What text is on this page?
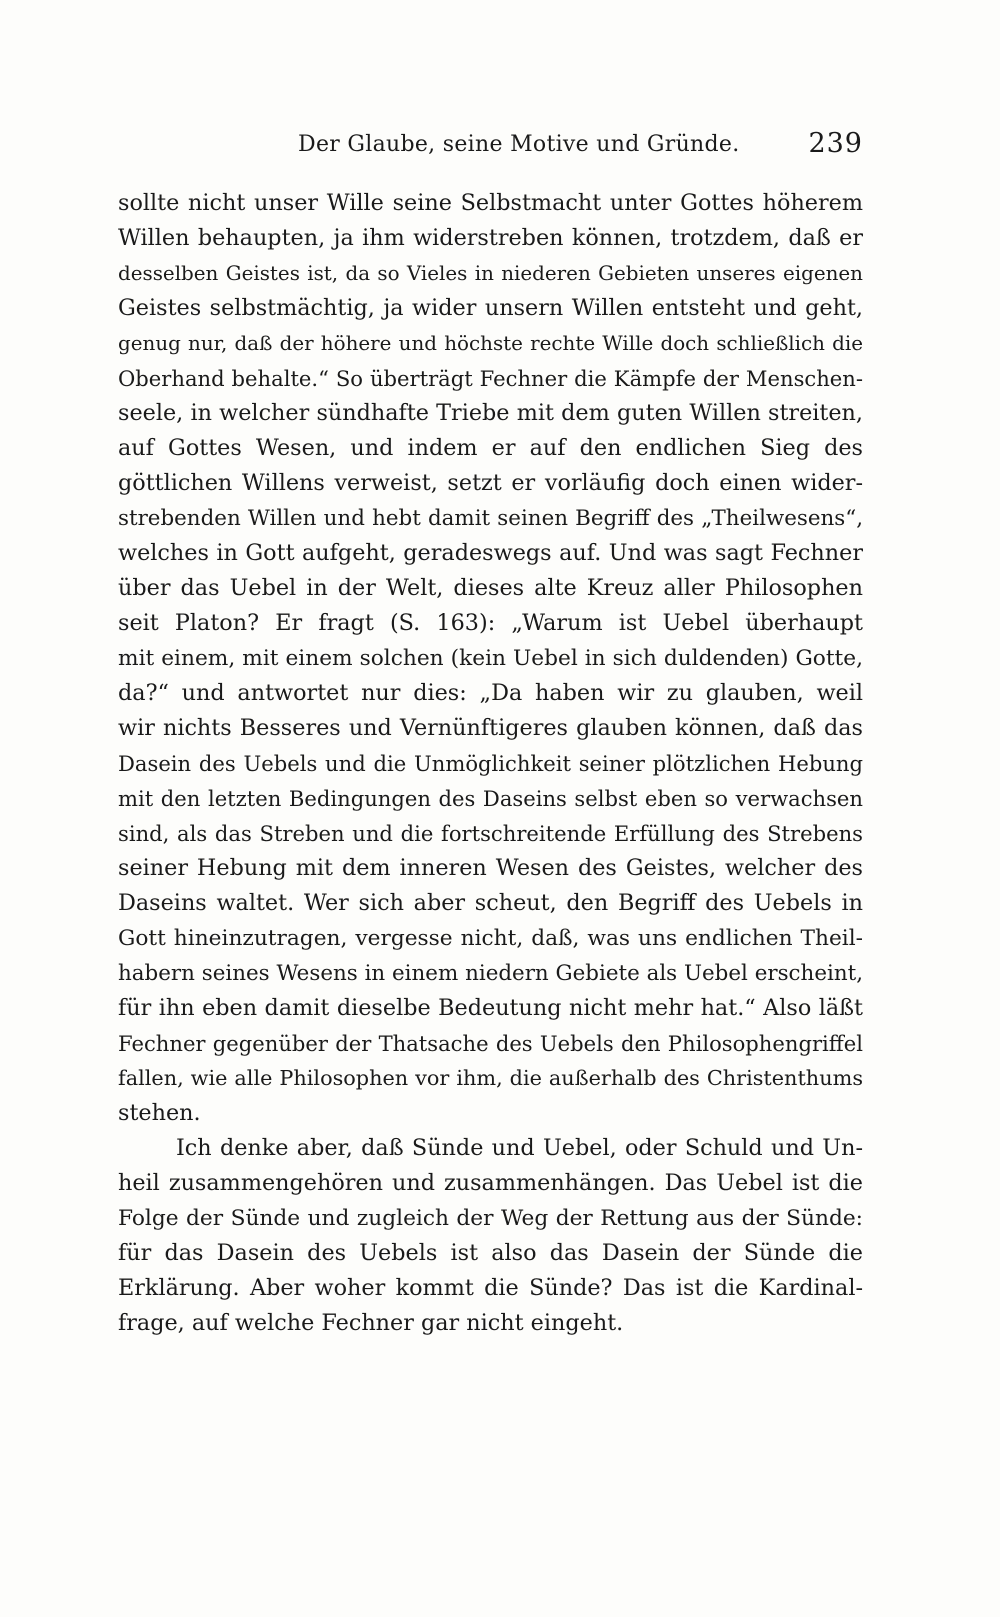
Der Glaube, seine Motive und Gründe.	239
sollte nicht unser Wille seine Selbstmacht unter Gottes höherem
Willen behaupten, ja ihm widerstreben können, trotzdem, daß er
desselben Geistes ist, da so Vieles in niederen Gebieten unseres eigenen
Geistes selbstmächtig, ja wider unsern Willen entsteht und geht,
genug nur, daß der höhere und höchste rechte Wille doch schließlich die
Oberhand behalte.“ So überträgt Fechner die Kämpfe der Menschen-
seele, in welcher sündhafte Triebe mit dem guten Willen streiten,
auf Gottes Wesen, und indem er auf den endlichen Sieg des
göttlichen Willens verweist, setzt er vorläufig doch einen wider-
strebenden Willen und hebt damit seinen Begriff des „Theilwesens“,
welches in Gott aufgeht, geradeswegs auf. Und was sagt Fechner
über das Uebel in der Welt, dieses alte Kreuz aller Philosophen
seit Platon? Er fragt (S. 163): „Warum ist Uebel überhaupt
mit einem, mit einem solchen (kein Uebel in sich duldenden) Gotte,
da?“ und antwortet nur dies: „Da haben wir zu glauben, weil
wir nichts Besseres und Vernünftigeres glauben können, daß das
Dasein des Uebels und die Unmöglichkeit seiner plötzlichen Hebung
mit den letzten Bedingungen des Daseins selbst eben so verwachsen
sind, als das Streben und die fortschreitende Erfüllung des Strebens
seiner Hebung mit dem inneren Wesen des Geistes, welcher des
Daseins waltet. Wer sich aber scheut, den Begriff des Uebels in
Gott hineinzutragen, vergesse nicht, daß, was uns endlichen Theil-
habern seines Wesens in einem niedern Gebiete als Uebel erscheint,
für ihn eben damit dieselbe Bedeutung nicht mehr hat.“ Also läßt
Fechner gegenüber der Thatsache des Uebels den Philosophengriffel
fallen, wie alle Philosophen vor ihm, die außerhalb des Christenthums
stehen.
Ich denke aber, daß Sünde und Uebel, oder Schuld und Un-
heil zusammengehören und zusammenhängen. Das Uebel ist die
Folge der Sünde und zugleich der Weg der Rettung aus der Sünde:
für das Dasein des Uebels ist also das Dasein der Sünde die
Erklärung. Aber woher kommt die Sünde? Das ist die Kardinal-
frage, auf welche Fechner gar nicht eingeht.
